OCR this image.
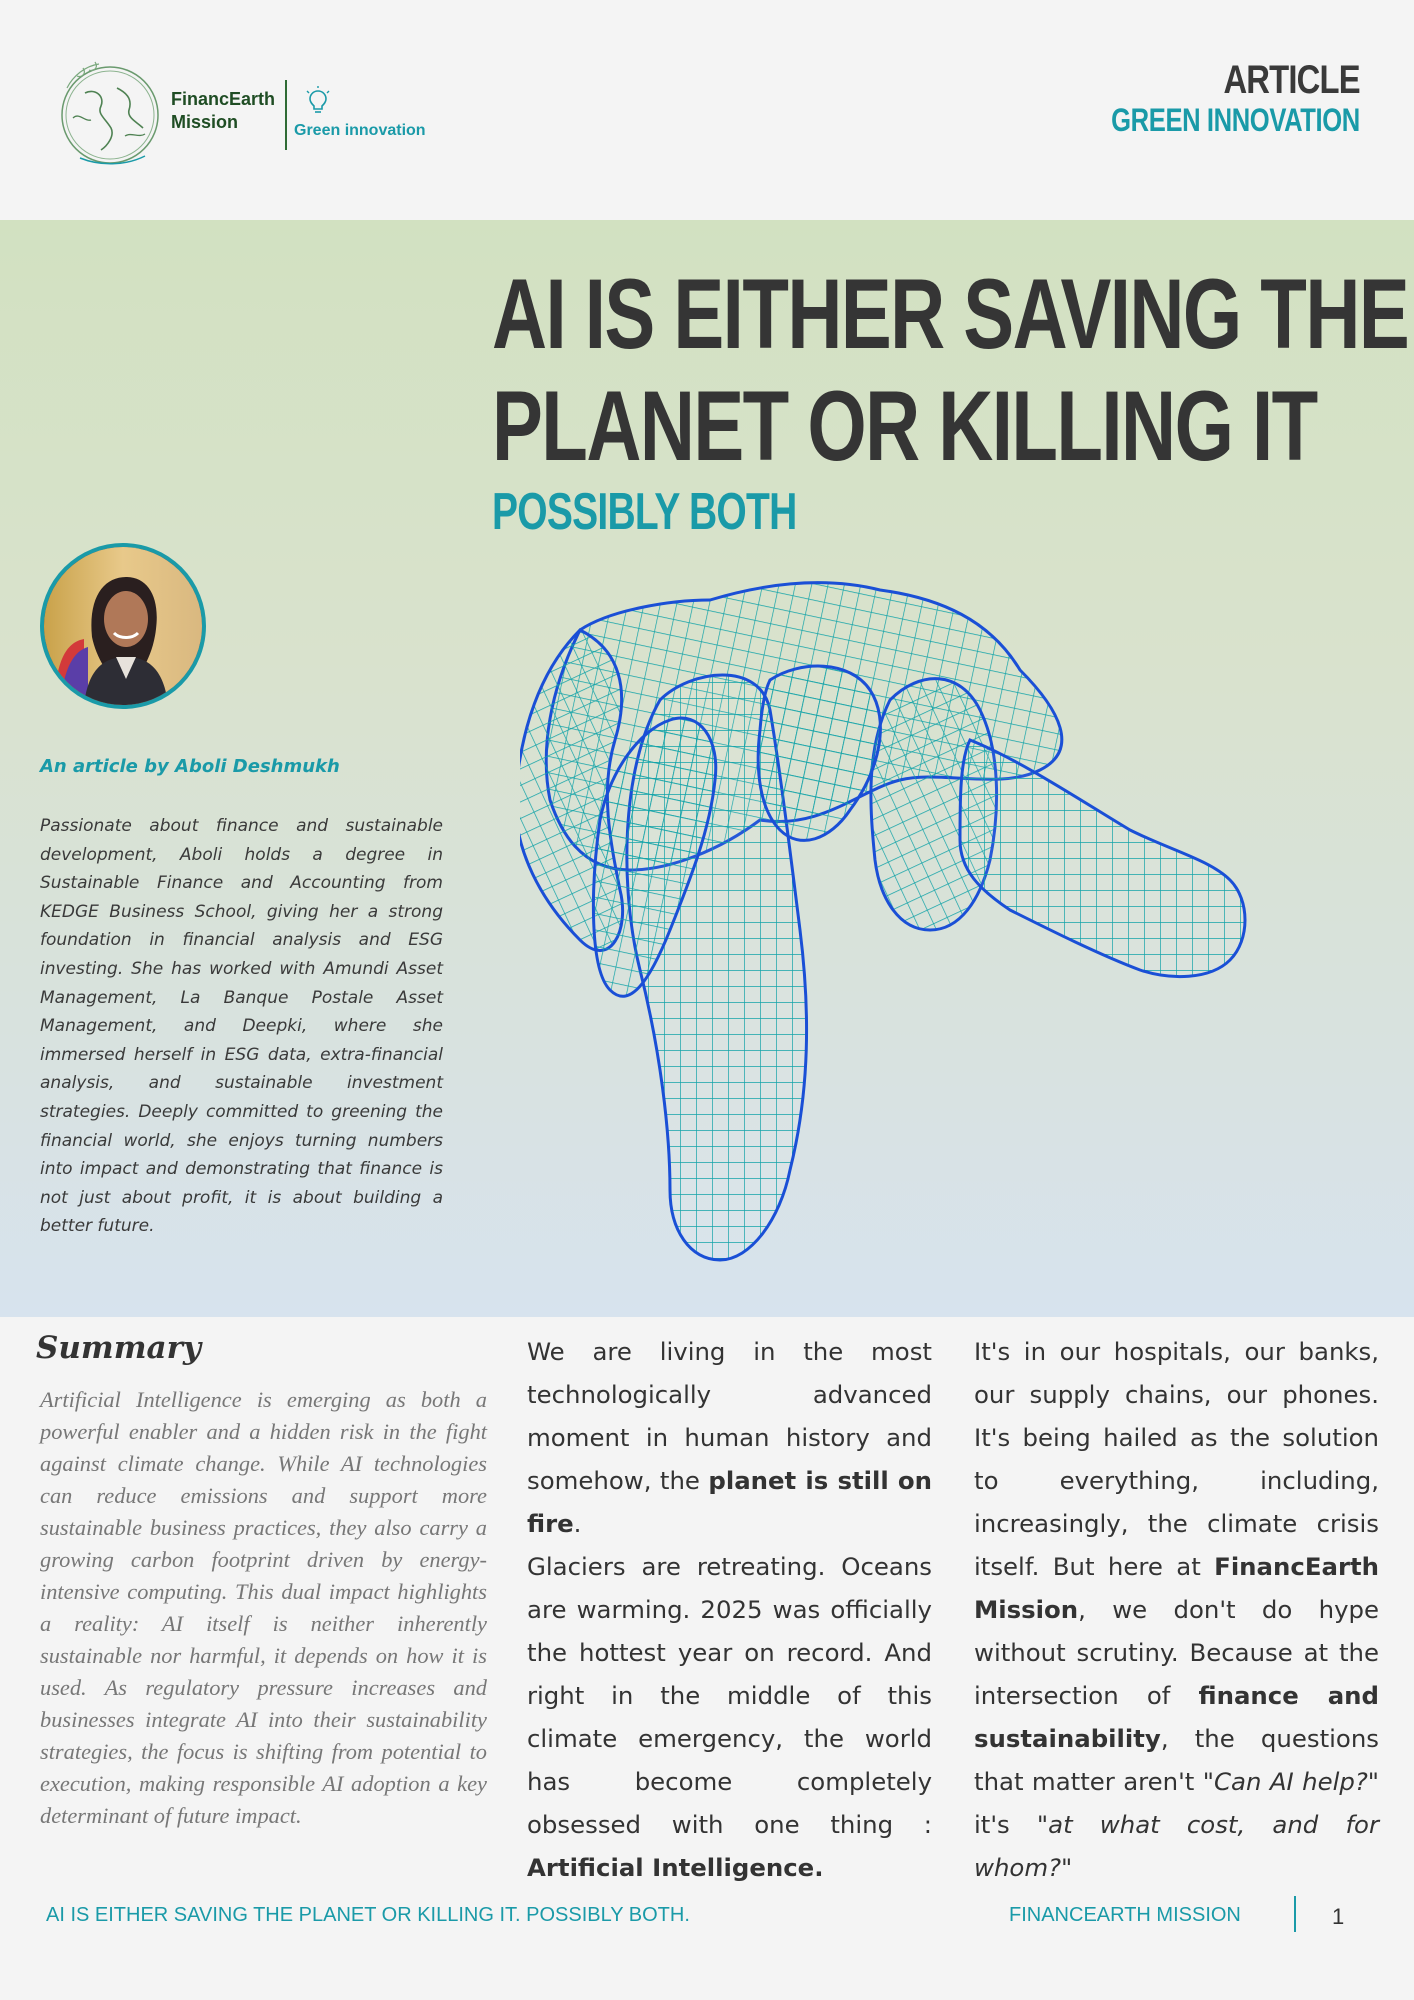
FinancEarth
Mission	Green innovation
ARTICLE
GREEN INNOVATION
AI IS EITHER SAVING THE
PLANET OR KILLING IT
POSSIBLY BOTH
An article by Aboli Deshmukh

Passionate about finance and sustainable development, Aboli holds a degree in Sustainable Finance and Accounting from KEDGE Business School, giving her a strong foundation in financial analysis and ESG investing. She has worked with Amundi Asset Management, La Banque Postale Asset Management, and Deepki, where she immersed herself in ESG data, extra-financial analysis, and sustainable investment strategies. Deeply committed to greening the financial world, she enjoys turning numbers into impact and demonstrating that finance is not just about profit, it is about building a better future.

Summary

Artificial Intelligence is emerging as both a powerful enabler and a hidden risk in the fight against climate change. While AI technologies can reduce emissions and support more sustainable business practices, they also carry a growing carbon footprint driven by energy-intensive computing. This dual impact highlights a reality: AI itself is neither inherently sustainable nor harmful, it depends on how it is used. As regulatory pressure increases and businesses integrate AI into their sustainability strategies, the focus is shifting from potential to execution, making responsible AI adoption a key determinant of future impact.

We are living in the most technologically advanced moment in human history and somehow, the planet is still on fire.

Glaciers are retreating. Oceans are warming. 2025 was officially the hottest year on record. And right in the middle of this climate emergency, the world has become completely obsessed with one thing : Artificial Intelligence.

It's in our hospitals, our banks, our supply chains, our phones. It's being hailed as the solution to everything, including, increasingly, the climate crisis itself. But here at FinancEarth Mission, we don't do hype without scrutiny. Because at the intersection of finance and sustainability, the questions that matter aren't "Can AI help?" it's "at what cost, and for whom?"

AI IS EITHER SAVING THE PLANET OR KILLING IT. POSSIBLY BOTH.	FINANCEARTH MISSION	1
